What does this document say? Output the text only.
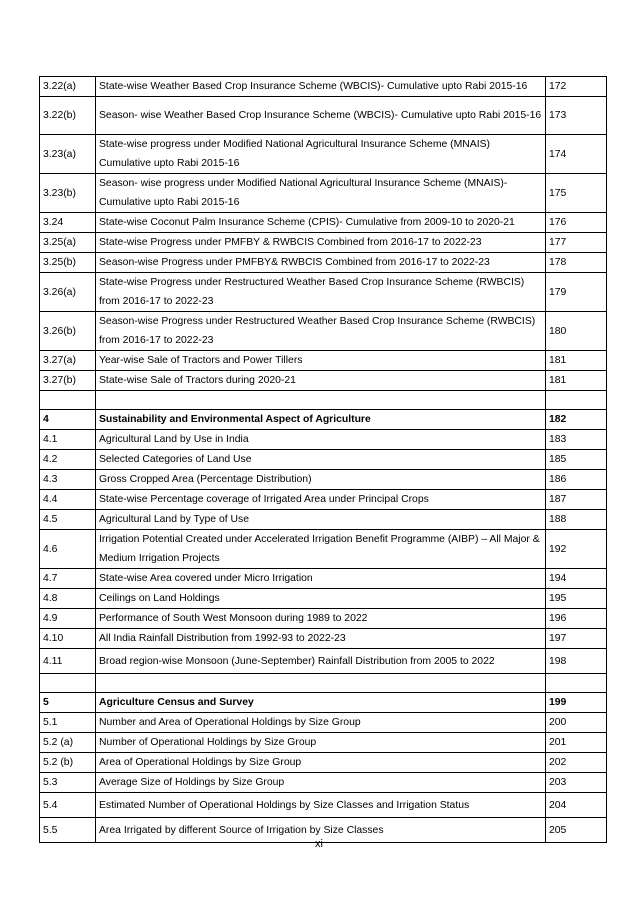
3.22(a)	State-wise Weather Based Crop Insurance Scheme (WBCIS)- Cumulative upto Rabi 2015-16	172
3.22(b)	Season- wise Weather Based Crop Insurance Scheme (WBCIS)- Cumulative upto Rabi 2015-16	173
3.23(a)	State-wise progress under Modified National Agricultural Insurance Scheme (MNAIS) Cumulative upto Rabi 2015-16	174
3.23(b)	Season- wise progress under Modified National Agricultural Insurance Scheme (MNAIS)- Cumulative upto Rabi 2015-16	175
3.24	State-wise Coconut Palm Insurance Scheme (CPIS)- Cumulative from 2009-10 to 2020-21	176
3.25(a)	State-wise Progress under PMFBY & RWBCIS Combined from 2016-17 to 2022-23	177
3.25(b)	Season-wise Progress under PMFBY& RWBCIS Combined from 2016-17 to 2022-23	178
3.26(a)	State-wise Progress under Restructured Weather Based Crop Insurance Scheme (RWBCIS) from 2016-17 to 2022-23	179
3.26(b)	Season-wise Progress under Restructured Weather Based Crop Insurance Scheme (RWBCIS) from 2016-17 to 2022-23	180
3.27(a)	Year-wise Sale of Tractors and Power Tillers	181
3.27(b)	State-wise Sale of Tractors during 2020-21	181

4	Sustainability and Environmental Aspect of Agriculture	182
4.1	Agricultural Land by Use in India	183
4.2	Selected Categories of Land Use	185
4.3	Gross Cropped Area (Percentage Distribution)	186
4.4	State-wise Percentage coverage of Irrigated Area under Principal Crops	187
4.5	Agricultural Land by Type of Use	188
4.6	Irrigation Potential Created under Accelerated Irrigation Benefit Programme (AIBP) – All Major & Medium Irrigation Projects	192
4.7	State-wise Area covered under Micro Irrigation	194
4.8	Ceilings on Land Holdings	195
4.9	Performance of South West Monsoon during 1989 to 2022	196
4.10	All India Rainfall Distribution from 1992-93 to 2022-23	197
4.11	Broad region-wise Monsoon (June-September) Rainfall Distribution from 2005 to 2022	198

5	Agriculture Census and Survey	199
5.1	Number and Area of Operational Holdings by Size Group	200
5.2 (a)	Number of Operational Holdings by Size Group	201
5.2 (b)	Area of Operational Holdings by Size Group	202
5.3	Average Size of Holdings by Size Group	203
5.4	Estimated Number of Operational Holdings by Size Classes and Irrigation Status	204
5.5	Area Irrigated by different Source of Irrigation by Size Classes	205
xi
